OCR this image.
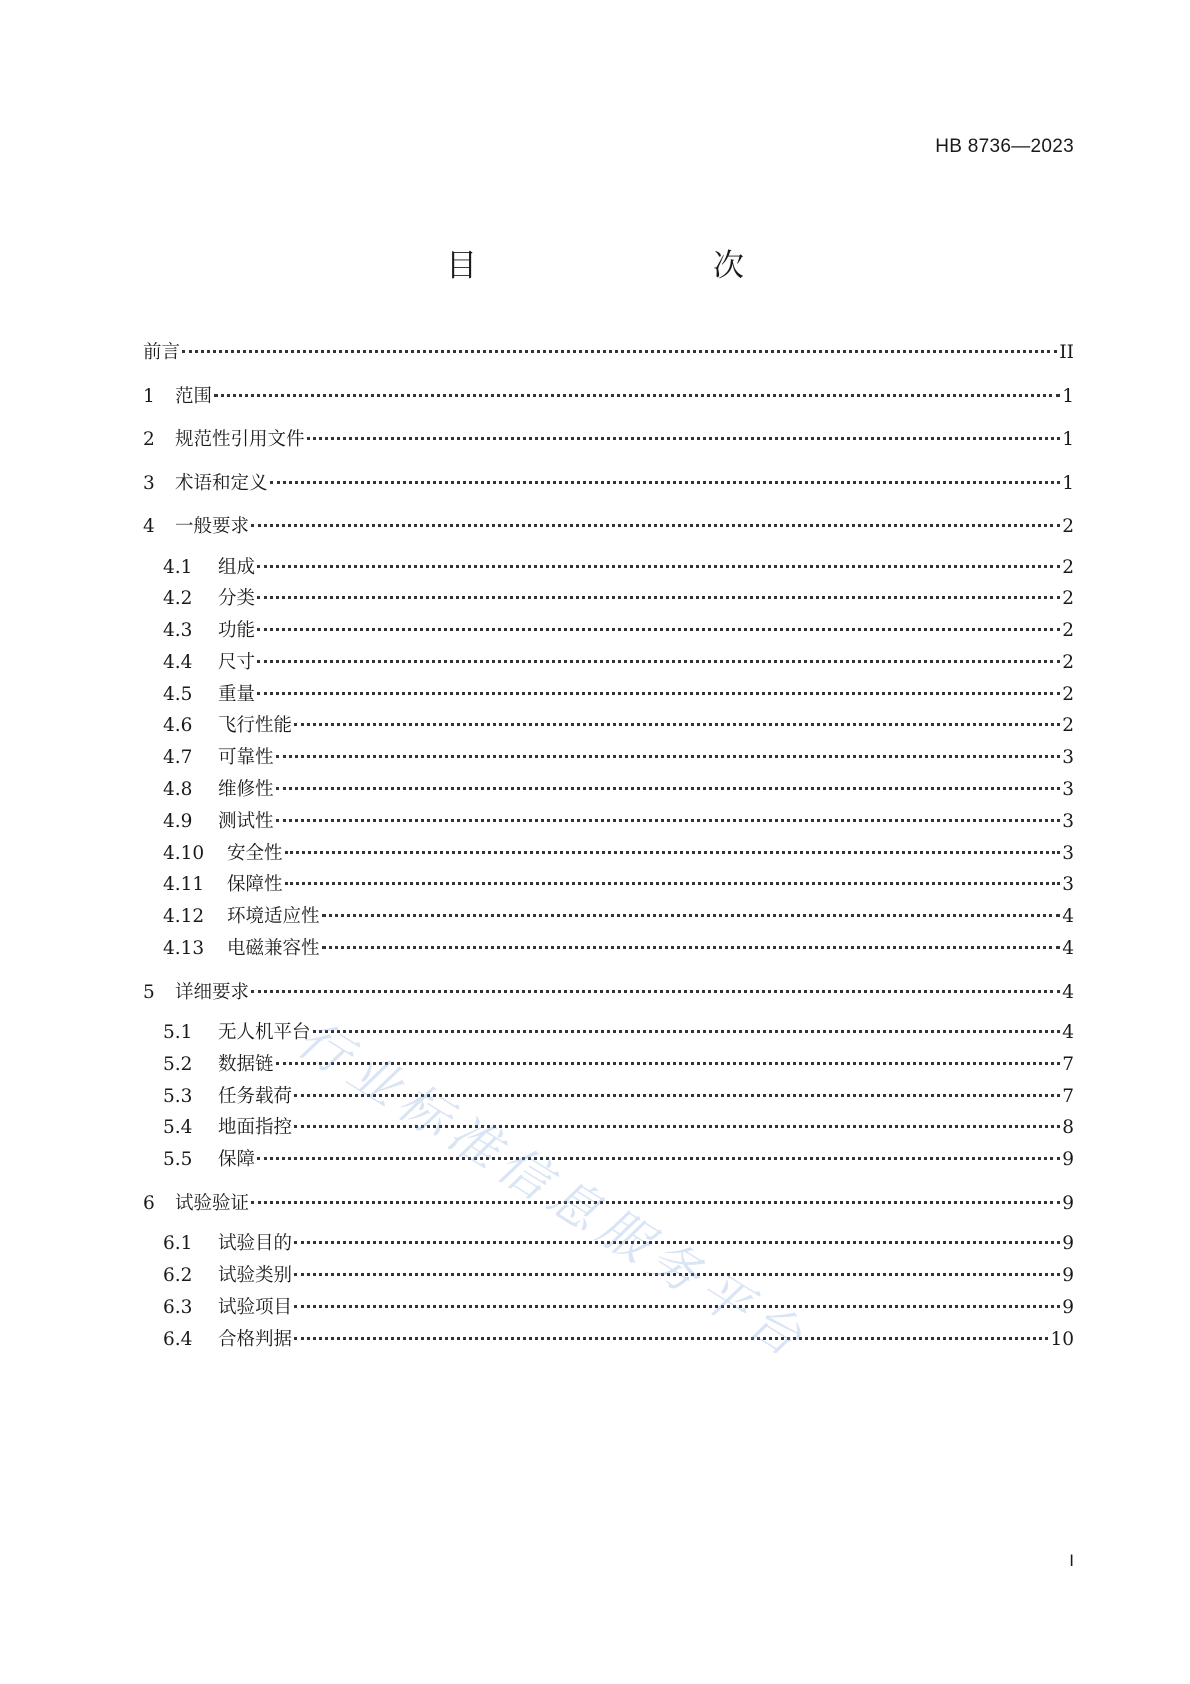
HB 8736—2023
目　　次
前言	II
1	范围	1
2	规范性引用文件	1
3	术语和定义	1
4	一般要求	2
4.1	组成	2
4.2	分类	2
4.3	功能	2
4.4	尺寸	2
4.5	重量	2
4.6	飞行性能	2
4.7	可靠性	3
4.8	维修性	3
4.9	测试性	3
4.10	安全性	3
4.11	保障性	3
4.12	环境适应性	4
4.13	电磁兼容性	4
5	详细要求	4
5.1	无人机平台	4
5.2	数据链	7
5.3	任务载荷	7
5.4	地面指控	8
5.5	保障	9
6	试验验证	9
6.1	试验目的	9
6.2	试验类别	9
6.3	试验项目	9
6.4	合格判据	10
行业标准信息服务平台
I
